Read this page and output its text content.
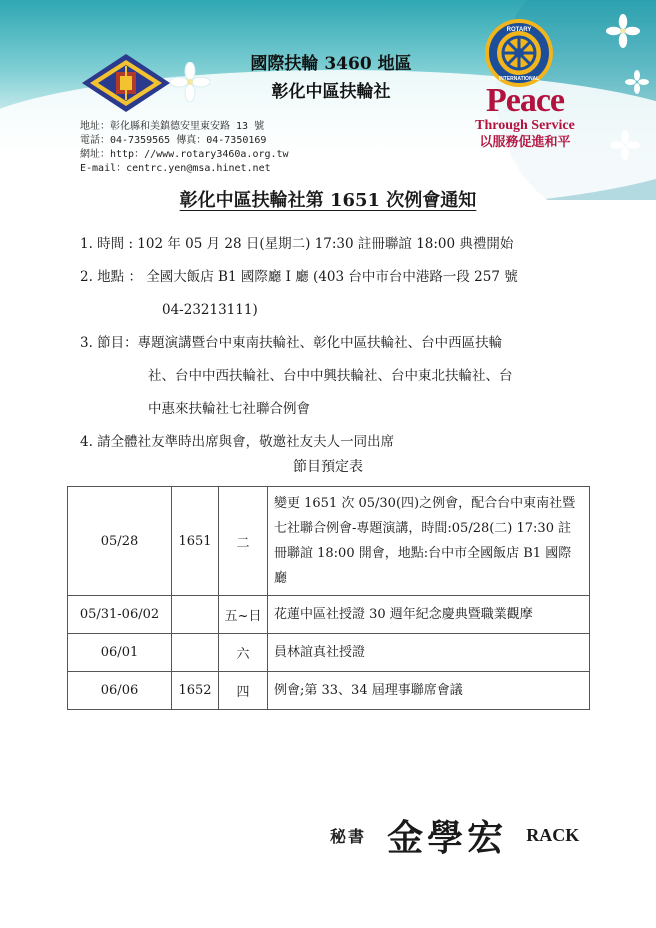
國際扶輪 3460 地區
彰化中區扶輪社
地址：彰化縣和美鎮德安里東安路 13 號
電話：04-7359565 傳真：04-7350169
網址：http：//www.rotary3460a.org.tw
E-mail：centrc.yen@msa.hinet.net
ROTARY
INTERNATIONAL
Peace
Through Service
以服務促進和平
彰化中區扶輪社第 1651 次例會通知
1. 時間 : 102 年 05 月 28 日(星期二) 17:30 註冊聯誼 18:00 典禮開始
2. 地點 ： 全國大飯店 B1 國際廳 I 廳 (403 台中市台中港路一段 257 號
04-23213111)
3. 節目：專題演講暨台中東南扶輪社、彰化中區扶輪社、台中西區扶輪
社、台中中西扶輪社、台中中興扶輪社、台中東北扶輪社、台
中惠來扶輪社七社聯合例會
4. 請全體社友準時出席與會，敬邀社友夫人一同出席
節目預定表
05/28	1651	二	變更 1651 次 05/30(四)之例會，配合台中東南社暨七社聯合例會-專題演講，時間:05/28(二) 17:30 註冊聯誼 18:00 開會，地點:台中市全國飯店 B1 國際廳
05/31-06/02		五~日	花蓮中區社授證 30 週年紀念慶典暨職業觀摩
06/01		六	員林誼真社授證
06/06	1652	四	例會;第 33、34 屆理事聯席會議
秘書 金學宏 RACK
